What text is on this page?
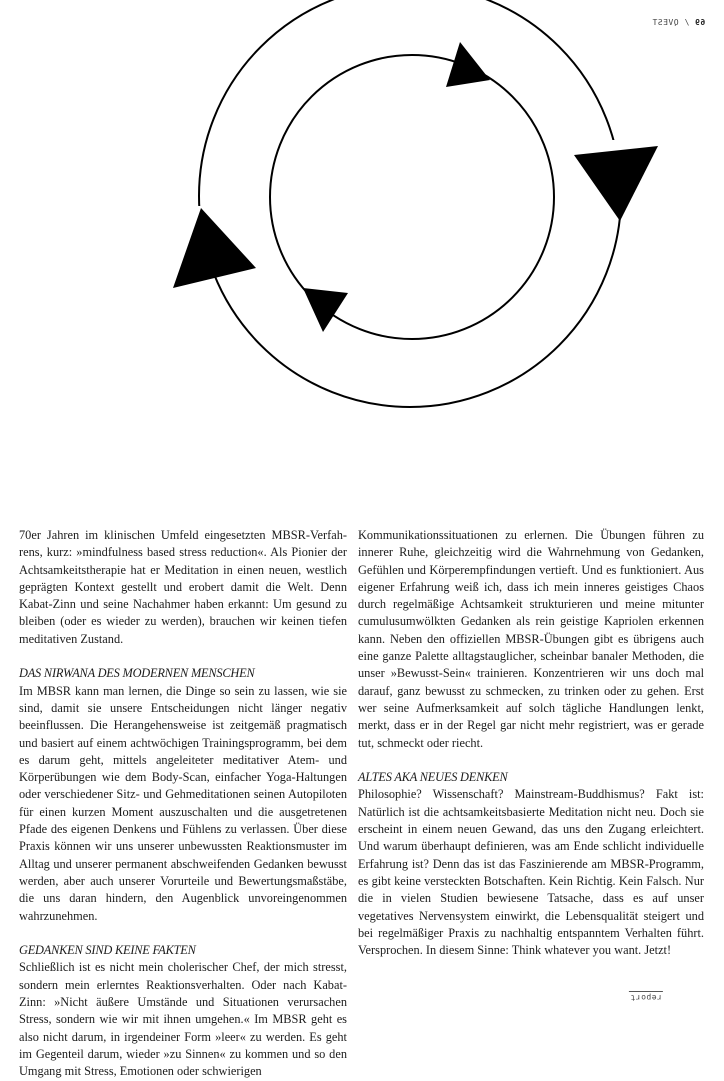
69 / QVEST

70er Jahren im klinischen Umfeld eingesetzten MBSR-Verfahrens, kurz: »mindfulness based stress reduction«. Als Pionier der Achtsamkeitstherapie hat er Meditation in einen neuen, westlich geprägten Kontext gestellt und erobert damit die Welt. Denn Kabat-Zinn und seine Nachahmer haben erkannt: Um gesund zu bleiben (oder es wieder zu werden), brauchen wir keinen tiefen meditativen Zustand.

DAS NIRWANA DES MODERNEN MENSCHEN

Im MBSR kann man lernen, die Dinge so sein zu lassen, wie sie sind, damit sie unsere Entscheidungen nicht länger negativ beeinflussen. Die Herangehensweise ist zeitgemäß pragmatisch und basiert auf einem achtwöchigen Trainingsprogramm, bei dem es darum geht, mittels angeleiteter meditativer Atem- und Körperübungen wie dem Body-Scan, einfacher Yoga-Haltungen oder verschiedener Sitz- und Gehmeditationen seinen Autopiloten für einen kurzen Moment auszuschalten und die ausgetretenen Pfade des eigenen Denkens und Fühlens zu verlassen. Über diese Praxis können wir uns unserer unbewussten Reaktionsmuster im Alltag und unserer permanent abschweifenden Gedanken bewusst werden, aber auch unserer Vorurteile und Bewertungsmaßstäbe, die uns daran hindern, den Augenblick unvoreingenommen wahrzunehmen.

GEDANKEN SIND KEINE FAKTEN

Schließlich ist es nicht mein cholerischer Chef, der mich stresst, sondern mein erlerntes Reaktionsverhalten. Oder nach Kabat-Zinn: »Nicht äußere Umstände und Situationen verursachen Stress, sondern wie wir mit ihnen umgehen.« Im MBSR geht es also nicht darum, in irgendeiner Form »leer« zu werden. Es geht im Gegenteil darum, wieder »zu Sinnen« zu kommen und so den Umgang mit Stress, Emotionen oder schwierigen

Kommunikationssituationen zu erlernen. Die Übungen führen zu innerer Ruhe, gleichzeitig wird die Wahrnehmung von Gedanken, Gefühlen und Körperempfindungen vertieft. Und es funktioniert. Aus eigener Erfahrung weiß ich, dass ich mein inneres geistiges Chaos durch regelmäßige Achtsamkeit strukturieren und meine mitunter cumulusumwölkten Gedanken als rein geistige Kapriolen erkennen kann. Neben den offiziellen MBSR-Übungen gibt es übrigens auch eine ganze Palette alltagstauglicher, scheinbar banaler Methoden, die unser »Bewusst-Sein« trainieren. Konzentrieren wir uns doch mal darauf, ganz bewusst zu schmecken, zu trinken oder zu gehen. Erst wer seine Aufmerksamkeit auf solch tägliche Handlungen lenkt, merkt, dass er in der Regel gar nicht mehr registriert, was er gerade tut, schmeckt oder riecht.

ALTES AKA NEUES DENKEN

Philosophie? Wissenschaft? Mainstream-Buddhismus? Fakt ist: Natürlich ist die achtsamkeitsbasierte Meditation nicht neu. Doch sie erscheint in einem neuen Gewand, das uns den Zugang erleichtert. Und warum überhaupt definieren, was am Ende schlicht individuelle Erfahrung ist? Denn das ist das Faszinierende am MBSR-Programm, es gibt keine versteckten Botschaften. Kein Richtig. Kein Falsch. Nur die in vielen Studien bewiesene Tatsache, dass es auf unser vegetatives Nervensystem einwirkt, die Lebensqualität steigert und bei regelmäßiger Praxis zu nachhaltig entspanntem Verhalten führt. Versprochen. In diesem Sinne: Think whatever you want. Jetzt!

report
